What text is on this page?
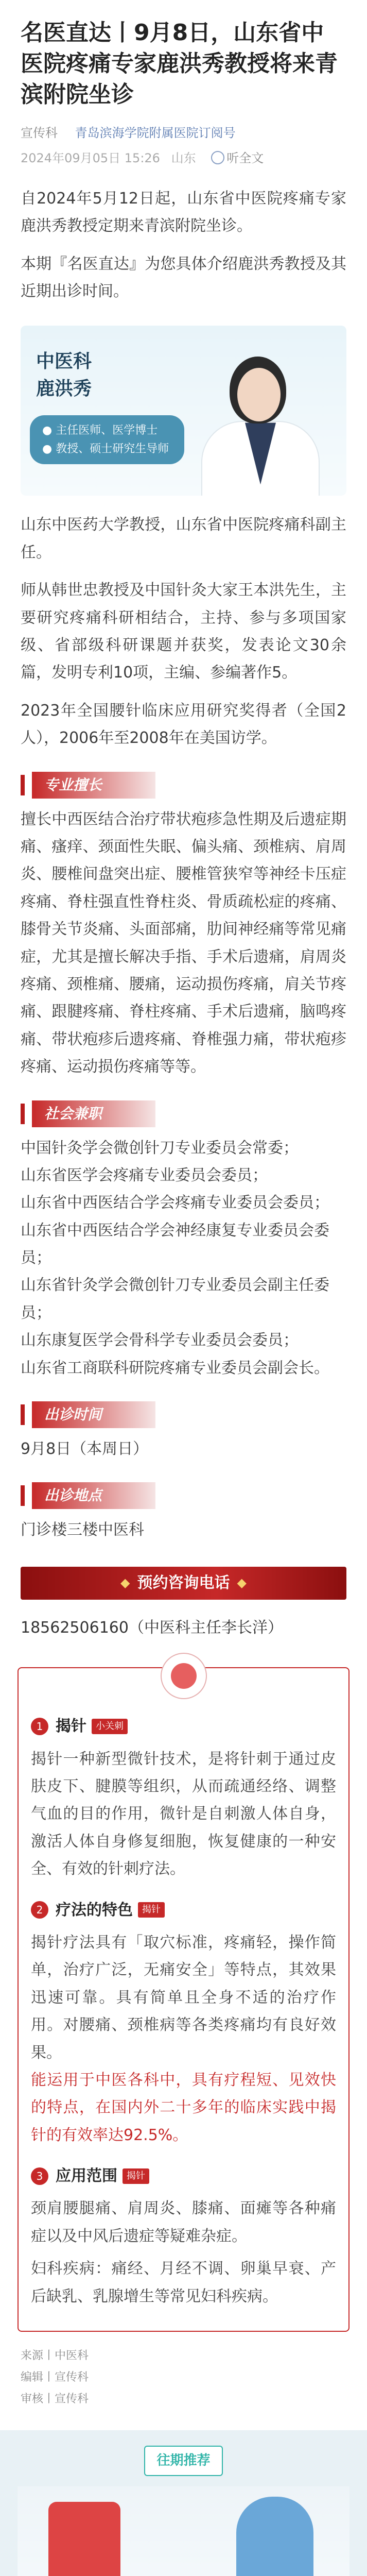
名医直达丨9月8日，山东省中医院疼痛专家鹿洪秀教授将来青滨附院坐诊
宣传科 青岛滨海学院附属医院订阅号
2024年09月05日 15:26 山东 听全文

自2024年5月12日起，山东省中医院疼痛专家鹿洪秀教授定期来青滨附院坐诊。

本期『名医直达』为您具体介绍鹿洪秀教授及其近期出诊时间。

中医科
鹿洪秀
● 主任医师、医学博士
● 教授、硕士研究生导师

山东中医药大学教授，山东省中医院疼痛科副主任。

师从韩世忠教授及中国针灸大家王本洪先生，主要研究疼痛科研相结合，主持、参与多项国家级、省部级科研课题并获奖，发表论文30余篇，发明专利10项，主编、参编著作5。

2023年全国腰针临床应用研究奖得者（全国2人），2006年至2008年在美国访学。

专业擅长

擅长中西医结合治疗带状疱疹急性期及后遗症期痛、瘙痒、颈面性失眠、偏头痛、颈椎病、肩周炎、腰椎间盘突出症、腰椎管狭窄等神经卡压症疼痛、脊柱强直性脊柱炎、骨质疏松症的疼痛、膝骨关节炎痛、头面部痛，肋间神经痛等常见痛症，尤其是擅长解决手指、手术后遗痛，肩周炎疼痛、颈椎痛、腰痛，运动损伤疼痛，肩关节疼痛、跟腱疼痛、脊柱疼痛、手术后遗痛，脑鸣疼痛、带状疱疹后遗疼痛、脊椎强力痛，带状疱疹疼痛、运动损伤疼痛等等。

社会兼职
中国针灸学会微创针刀专业委员会常委；
山东省医学会疼痛专业委员会委员；
山东省中西医结合学会疼痛专业委员会委员；
山东省中西医结合学会神经康复专业委员会委员；
山东省针灸学会微创针刀专业委员会副主任委员；
山东康复医学会骨科学专业委员会委员；
山东省工商联科研院疼痛专业委员会副会长。
出诊时间

9月8日（本周日）

出诊地点

门诊楼三楼中医科

◆ 预约咨询电话 ◆
18562506160（中医科主任李长洋）
1 揭针	小关刺

揭针一种新型微针技术，是将针刺于通过皮肤皮下、腱膜等组织，从而疏通经络、调整气血的目的作用，微针是自刺激人体自身，激活人体自身修复细胞，恢复健康的一种安全、有效的针刺疗法。

2 疗法的特色	揭针

揭针疗法具有「取穴标准，疼痛轻，操作简单，治疗广泛，无痛安全」等特点，其效果迅速可靠。具有简单且全身不适的治疗作用。对腰痛、颈椎病等各类疼痛均有良好效果。

能运用于中医各科中，具有疗程短、见效快的特点，在国内外二十多年的临床实践中揭针的有效率达92.5%。

3 应用范围	揭针

颈肩腰腿痛、肩周炎、膝痛、面瘫等各种痛症以及中风后遗症等疑难杂症。

妇科疾病：痛经、月经不调、卵巢早衰、产后缺乳、乳腺增生等常见妇科疾病。

来源丨中医科
编辑丨宣传科
审核丨宣传科
往期推荐
